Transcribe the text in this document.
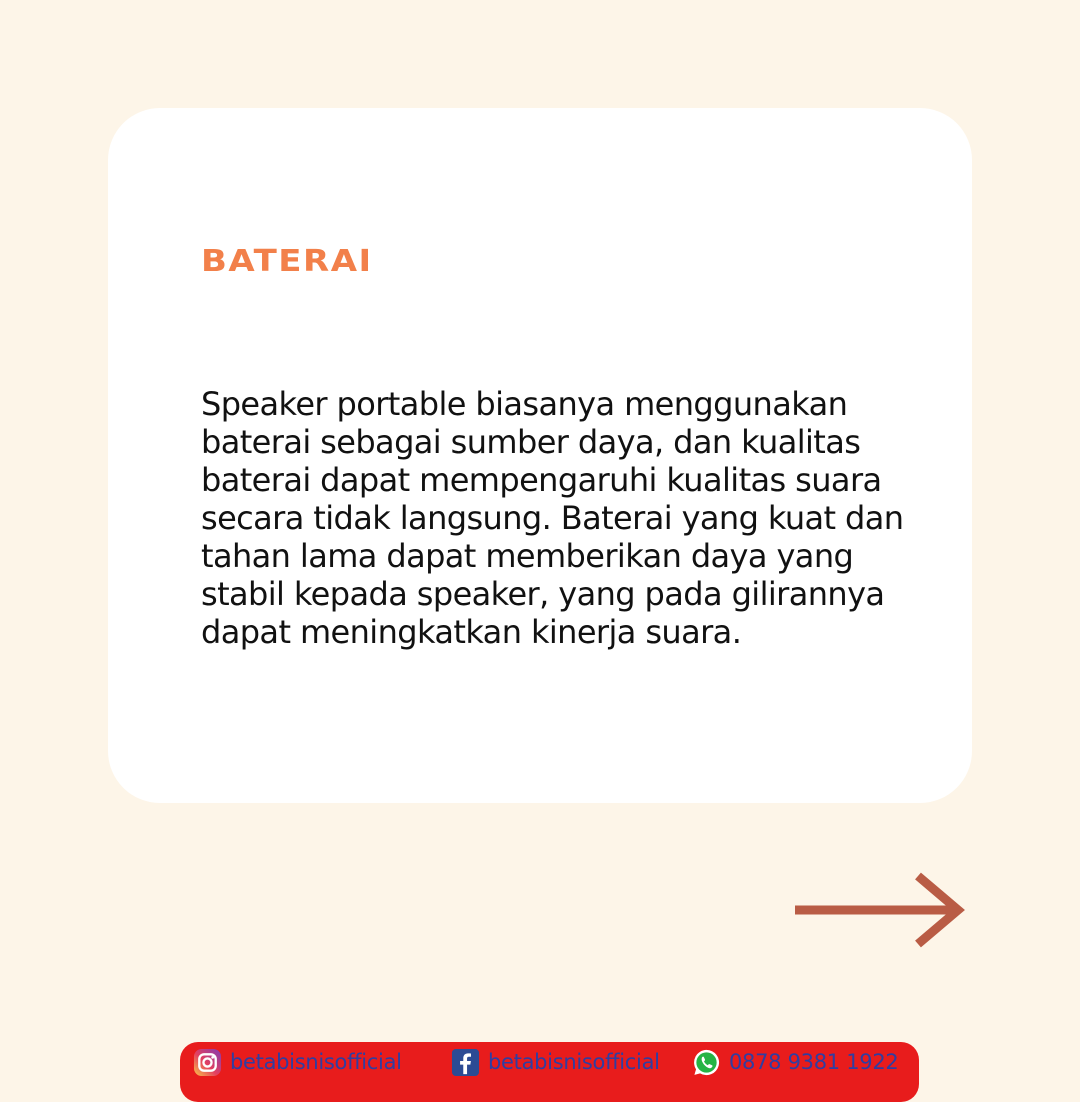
BATERAI

Speaker portable biasanya menggunakan baterai sebagai sumber daya, dan kualitas baterai dapat mempengaruhi kualitas suara secara tidak langsung. Baterai yang kuat dan tahan lama dapat memberikan daya yang stabil kepada speaker, yang pada gilirannya dapat meningkatkan kinerja suara.

betabisnisofficial	betabisnisofficial	0878 9381 1922
